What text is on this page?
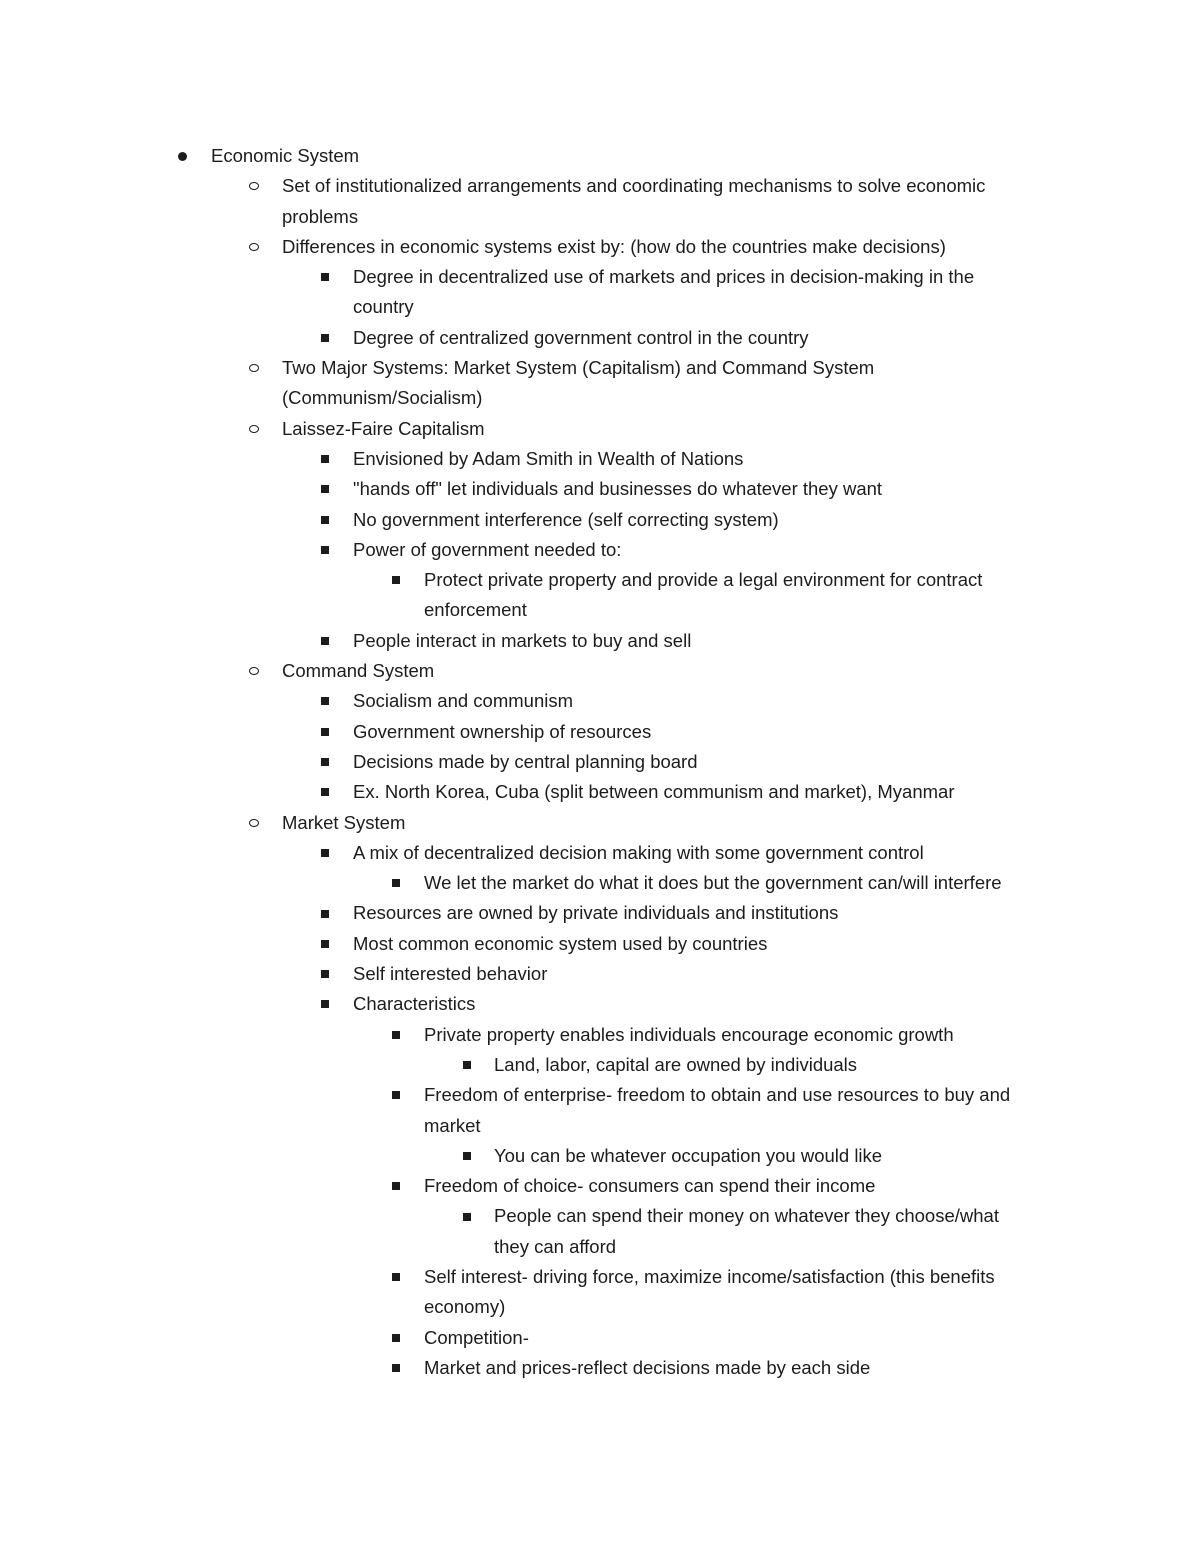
Economic System
Set of institutionalized arrangements and coordinating mechanisms to solve economic
problems
Differences in economic systems exist by: (how do the countries make decisions)
Degree in decentralized use of markets and prices in decision-making in the
country
Degree of centralized government control in the country
Two Major Systems: Market System (Capitalism) and Command System
(Communism/Socialism)
Laissez-Faire Capitalism
Envisioned by Adam Smith in Wealth of Nations
"hands off" let individuals and businesses do whatever they want
No government interference (self correcting system)
Power of government needed to:
Protect private property and provide a legal environment for contract
enforcement
People interact in markets to buy and sell
Command System
Socialism and communism
Government ownership of resources
Decisions made by central planning board
Ex. North Korea, Cuba (split between communism and market), Myanmar
Market System
A mix of decentralized decision making with some government control
We let the market do what it does but the government can/will interfere
Resources are owned by private individuals and institutions
Most common economic system used by countries
Self interested behavior
Characteristics
Private property enables individuals encourage economic growth
Land, labor, capital are owned by individuals
Freedom of enterprise- freedom to obtain and use resources to buy and
market
You can be whatever occupation you would like
Freedom of choice- consumers can spend their income
People can spend their money on whatever they choose/what
they can afford
Self interest- driving force, maximize income/satisfaction (this benefits
economy)
Competition-
Market and prices-reflect decisions made by each side
